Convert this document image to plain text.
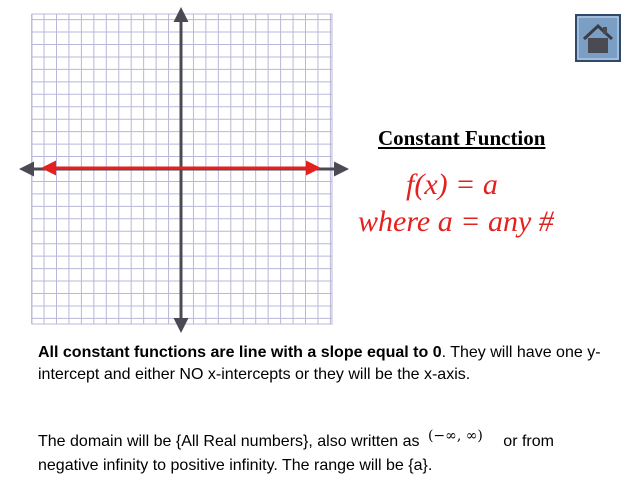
Constant Function
f(x) = a
where a = any #
All constant functions are line with a slope equal to 0. They will have one y-intercept and either NO x-intercepts or they will be the x-axis.
The domain will be {All Real numbers}, also written as (−∞, ∞) or from negative infinity to positive infinity. The range will be {a}.
